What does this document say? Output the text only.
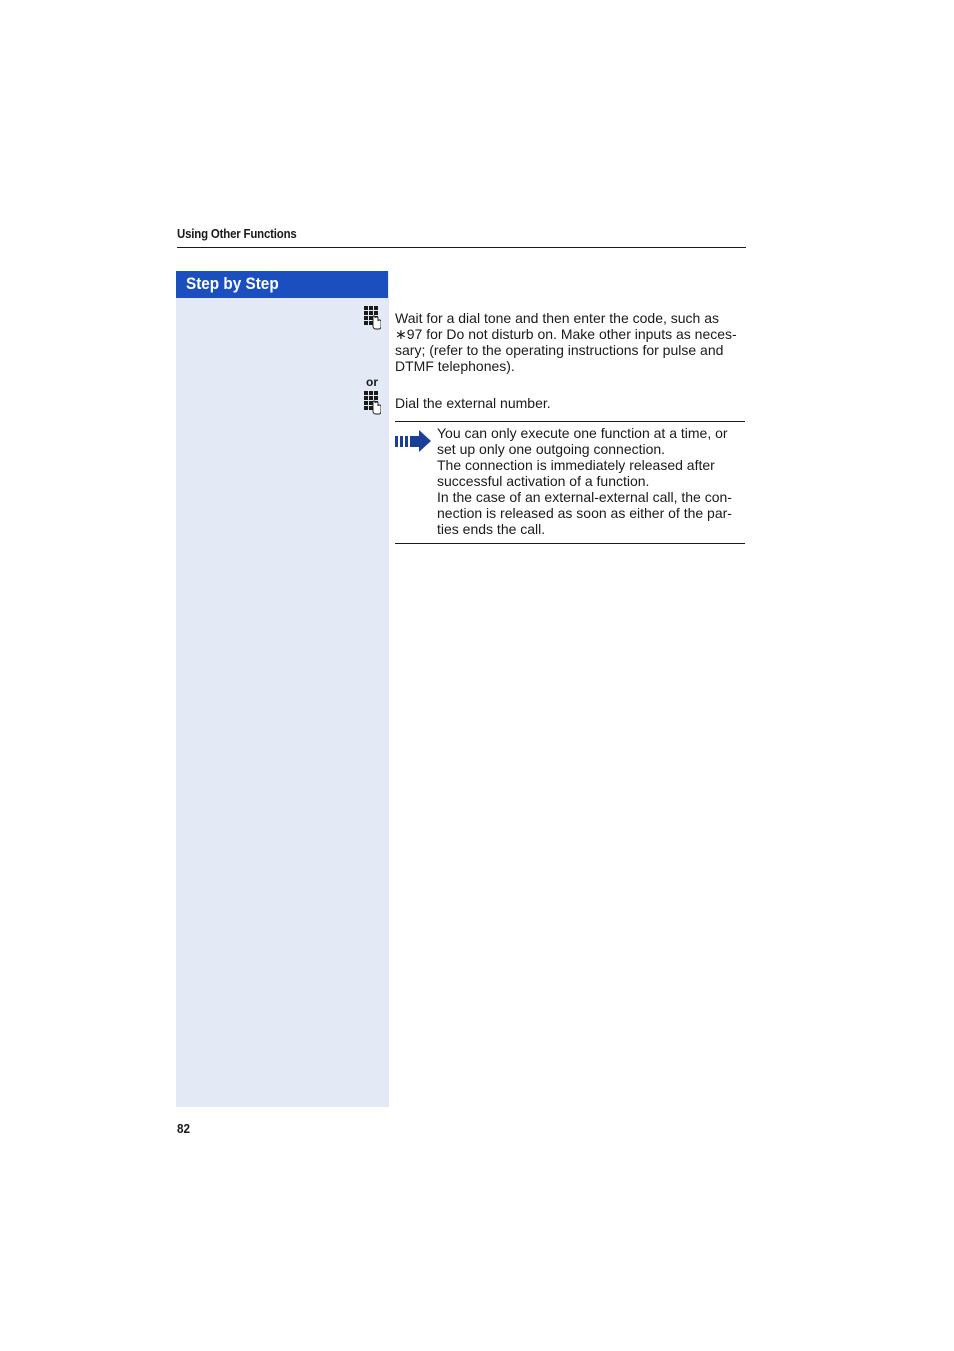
Using Other Functions
Step by Step
Wait for a dial tone and then enter the code, such as ∗97 for Do not disturb on. Make other inputs as neces-sary; (refer to the operating instructions for pulse and DTMF telephones).
or
Dial the external number.

You can only execute one function at a time, or set up only one outgoing connection.

The connection is immediately released after successful activation of a function.

In the case of an external-external call, the con-nection is released as soon as either of the par-ties ends the call.

82
